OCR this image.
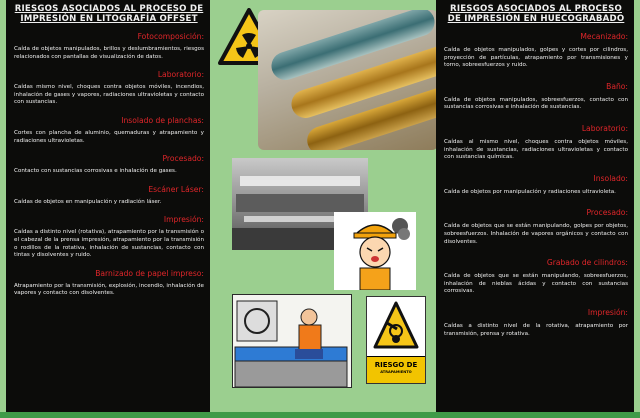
RIESGOS ASOCIADOS AL PROCESO DE IMPRESIÓN EN LITOGRAFÍA OFFSET
Fotocomposición:
Caída de objetos manipulados, brillos y deslumbramientos, riesgos relacionados con pantallas de visualización de datos.
Laboratorio:
Caídas mismo nivel, choques contra objetos móviles, incendios, inhalación de gases y vapores, radiaciones ultravioletas y contacto con sustancias.
Insolado de planchas:
Cortes con plancha de aluminio, quemaduras y atrapamiento y radiaciones ultravioletas.
Procesado:
Contacto con sustancias corrosivas e inhalación de gases.
Escáner Láser:
Caídas de objetos en manipulación y radiación láser.
Impresión:
Caídas a distinto nivel (rotativa), atrapamiento por la transmisión o el cabezal de la prensa impresión, atrapamiento por la transmisión o rodillos de la rotativa, inhalación de sustancias, contacto con tintas y disolventes y ruido.
Barnizado de papel impreso:
Atrapamiento por la transmisión, explosión, incendio, inhalación de vapores y contacto con disolventes.
RIESGO DE
ATRAPAMIENTO
RIESGOS ASOCIADOS AL PROCESO DE IMPRESIÓN EN HUECOGRABADO
Mecanizado:
Caída de objetos manipulados, golpes y cortes por cilindros, proyección de partículas, atrapamiento por transmisiones y torno, sobreesfuerzos y ruido.
Baño:
Caída de objetos manipulados, sobreesfuerzos, contacto con sustancias corrosivas e inhalación de sustancias.
Laboratorio:
Caídas al mismo nivel, choques contra objetos móviles, inhalación de sustancias, radiaciones ultravioletas y contacto con sustancias químicas.
Insolado:
Caída de objetos por manipulación y radiaciones ultravioleta.
Procesado:
Caída de objetos que se están manipulando, golpes por objetos, sobreesfuerzos. Inhalación de vapores orgánicos y contacto con disolventes.
Grabado de cilindros:
Caída de objetos que se están manipulando, sobreesfuerzos, inhalación de nieblas ácidas y contacto con sustancias corrosivas.
Impresión:
Caídas a distinto nivel de la rotativa, atrapamiento por transmisión, prensa y rotativa.
